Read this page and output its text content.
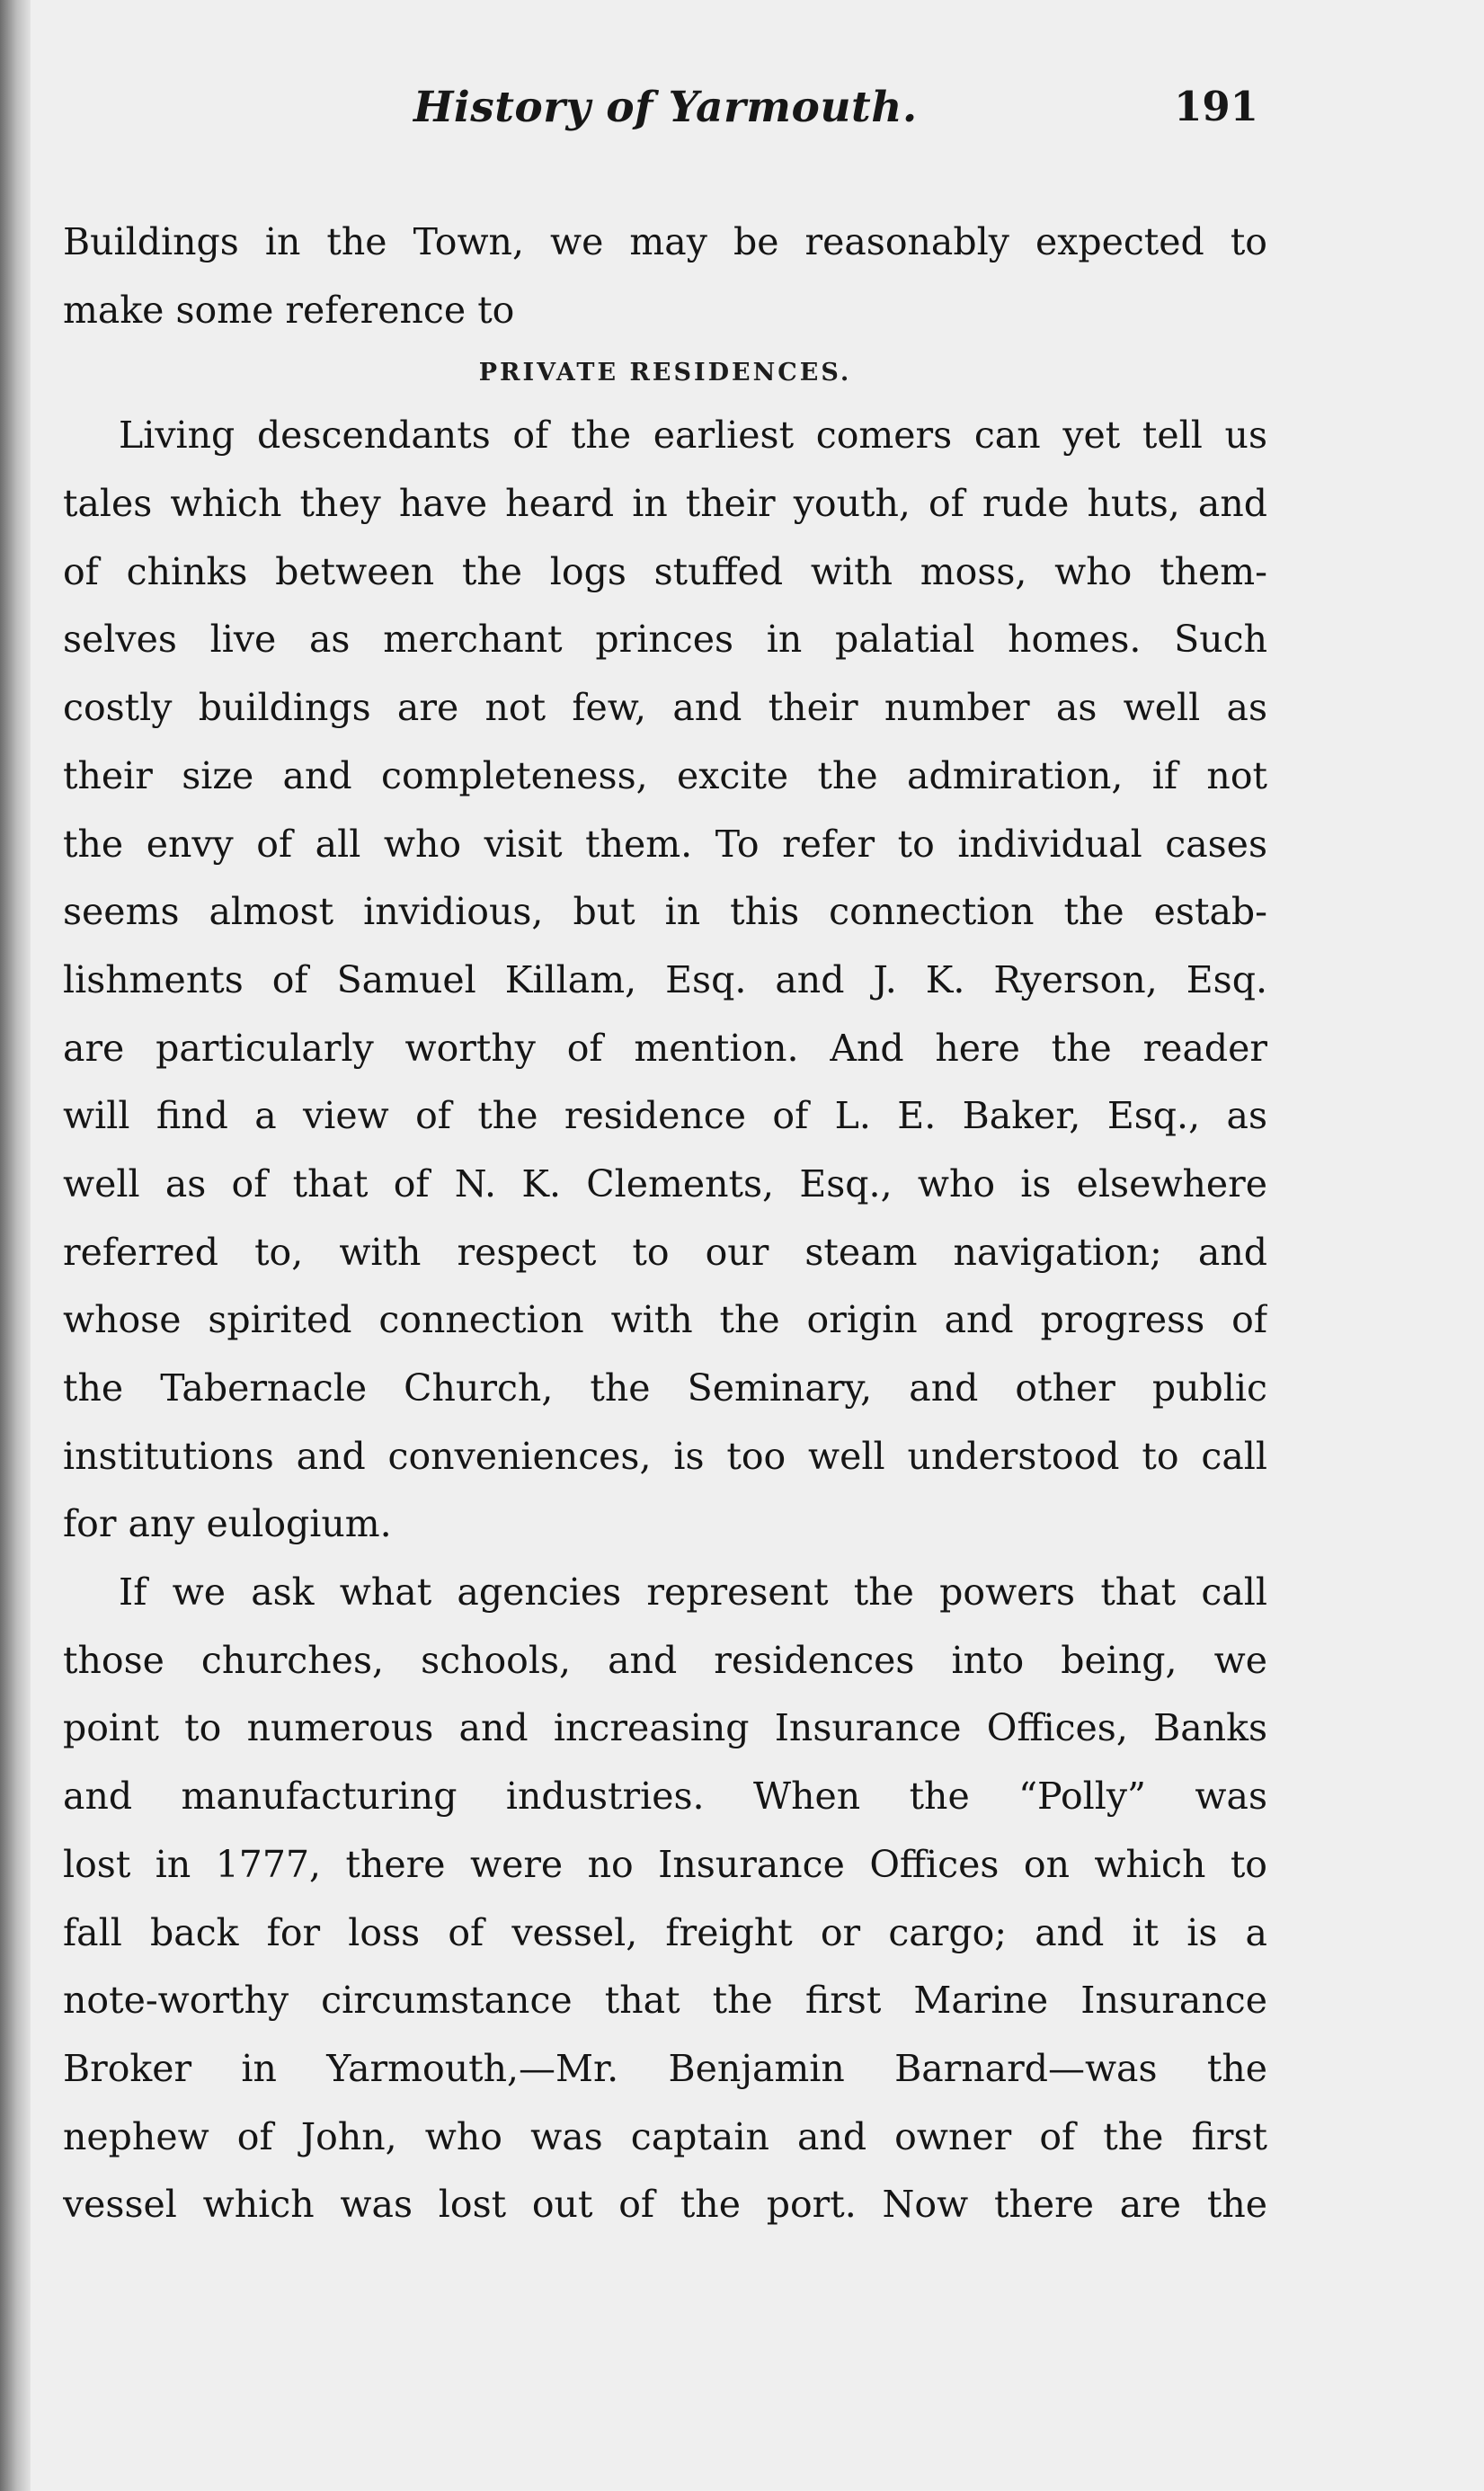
History of Yarmouth.	191
Buildings in the Town, we may be reasonably expected to
make some reference to
PRIVATE RESIDENCES.
Living descendants of the earliest comers can yet tell us
tales which they have heard in their youth, of rude huts, and
of chinks between the logs stuffed with moss, who them-
selves live as merchant princes in palatial homes. Such
costly buildings are not few, and their number as well as
their size and completeness, excite the admiration, if not
the envy of all who visit them. To refer to individual cases
seems almost invidious, but in this connection the estab-
lishments of Samuel Killam, Esq. and J. K. Ryerson, Esq.
are particularly worthy of mention. And here the reader
will find a view of the residence of L. E. Baker, Esq., as
well as of that of N. K. Clements, Esq., who is elsewhere
referred to, with respect to our steam navigation; and
whose spirited connection with the origin and progress of
the Tabernacle Church, the Seminary, and other public
institutions and conveniences, is too well understood to call
for any eulogium.
If we ask what agencies represent the powers that call
those churches, schools, and residences into being, we
point to numerous and increasing Insurance Offices, Banks
and manufacturing industries. When the “Polly” was
lost in 1777, there were no Insurance Offices on which to
fall back for loss of vessel, freight or cargo; and it is a
note-worthy circumstance that the first Marine Insurance
Broker in Yarmouth,—Mr. Benjamin Barnard—was the
nephew of John, who was captain and owner of the first
vessel which was lost out of the port. Now there are the
